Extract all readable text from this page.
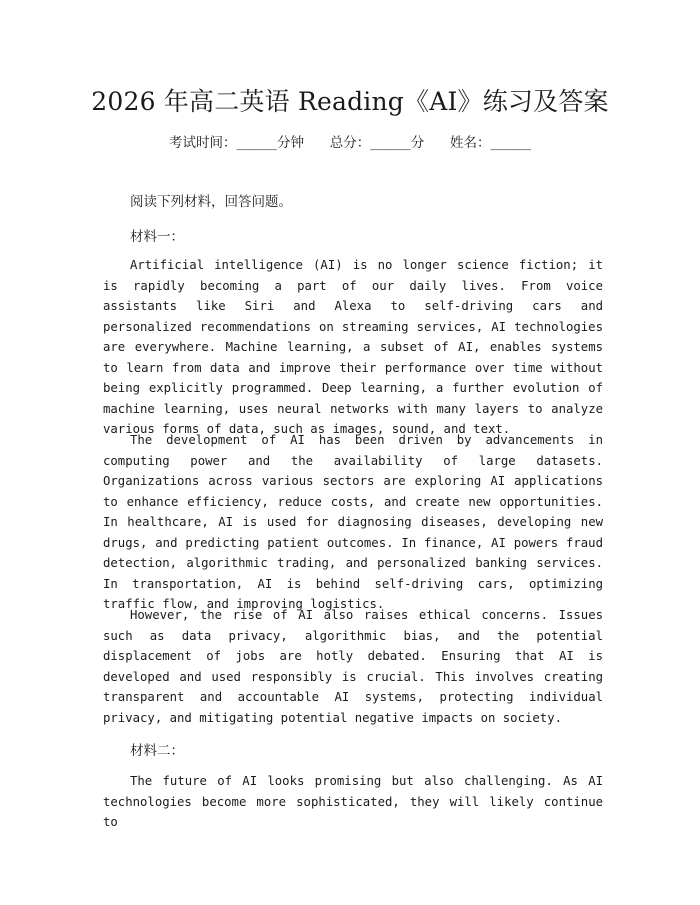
2026 年高二英语 Reading《AI》练习及答案

考试时间：______分钟      总分：______分      姓名：______

阅读下列材料，回答问题。

材料一：

Artificial intelligence (AI) is no longer science fiction; it is rapidly becoming a part of our daily lives. From voice assistants like Siri and Alexa to self-driving cars and personalized recommendations on streaming services, AI technologies are everywhere. Machine learning, a subset of AI, enables systems to learn from data and improve their performance over time without being explicitly programmed. Deep learning, a further evolution of machine learning, uses neural networks with many layers to analyze various forms of data, such as images, sound, and text.

The development of AI has been driven by advancements in computing power and the availability of large datasets. Organizations across various sectors are exploring AI applications to enhance efficiency, reduce costs, and create new opportunities. In healthcare, AI is used for diagnosing diseases, developing new drugs, and predicting patient outcomes. In finance, AI powers fraud detection, algorithmic trading, and personalized banking services. In transportation, AI is behind self-driving cars, optimizing traffic flow, and improving logistics.

However, the rise of AI also raises ethical concerns. Issues such as data privacy, algorithmic bias, and the potential displacement of jobs are hotly debated. Ensuring that AI is developed and used responsibly is crucial. This involves creating transparent and accountable AI systems, protecting individual privacy, and mitigating potential negative impacts on society.

材料二：

The future of AI looks promising but also challenging. As AI technologies become more sophisticated, they will likely continue to
